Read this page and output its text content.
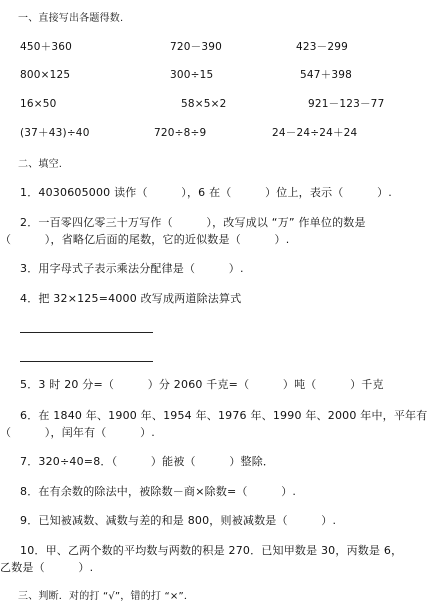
一、直接写出各题得数.

450＋360	720－390	423－299

800×125	300÷15	547＋398

16×50	58×5×2	921－123－77

(37＋43)÷40	720÷8÷9	24－24÷24＋24

二、填空.

1．4030605000 读作（　　　），6 在（　　　）位上，表示（　　　）.

2．一百零四亿零三十万写作（　　　），改写成以 “万” 作单位的数是

（　　　），省略亿后面的尾数，它的近似数是（　　　）.

3．用字母式子表示乘法分配律是（　　　）.

4．把 32×125=4000 改写成两道除法算式

5．3 时 20 分=（　　　）分 2060 千克=（　　　）吨（　　　）千克

6．在 1840 年、1900 年、1954 年、1976 年、1990 年、2000 年中，平年有

（　　　），闰年有（　　　）.

7．320÷40=8．（　　　）能被（　　　）整除．

8．在有余数的除法中，被除数－商×除数=（　　　）.

9．已知被减数、减数与差的和是 800，则被减数是（　　　）.

10．甲、乙两个数的平均数与两数的积是 270．已知甲数是 30，丙数是 6，

乙数是（　　　）.

三、判断．对的打 “√”，错的打 “×”．
